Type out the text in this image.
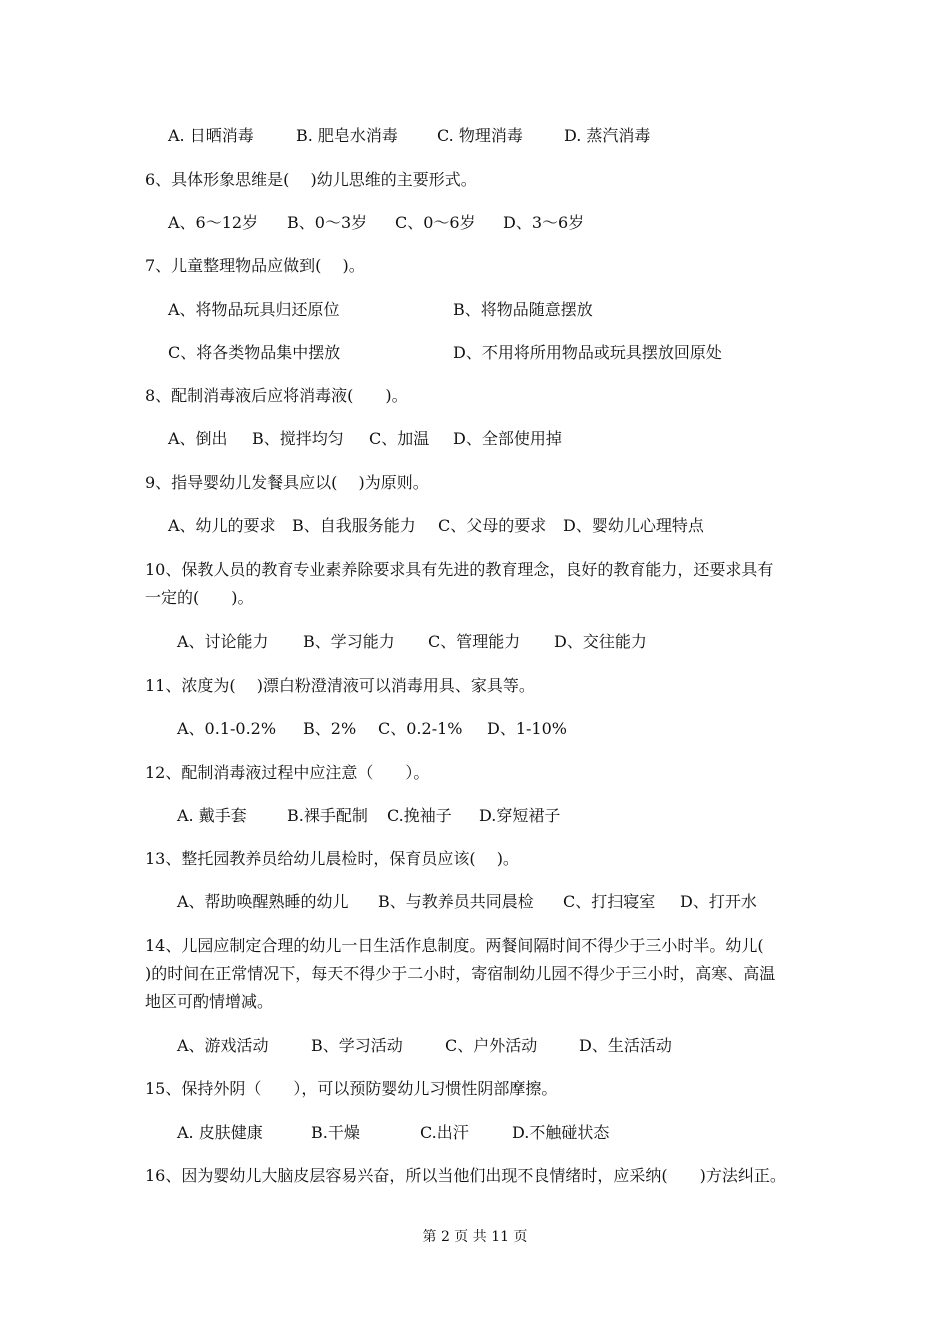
A. 日晒消毒	B. 肥皂水消毒 C. 物理消毒	D. 蒸汽消毒
6、具体形象思维是(　 )幼儿思维的主要形式。
A、6～12岁 B、0～3岁 C、0～6岁 D、3～6岁
7、儿童整理物品应做到(　 )。
A、将物品玩具归还原位	B、将物品随意摆放
C、将各类物品集中摆放	D、不用将所用物品或玩具摆放回原处
8、配制消毒液后应将消毒液(　　)。
A、倒出 B、搅拌均匀 C、加温 D、全部使用掉
9、指导婴幼儿发餐具应以(　 )为原则。
A、幼儿的要求 B、自我服务能力 C、父母的要求 D、婴幼儿心理特点
10、保教人员的教育专业素养除要求具有先进的教育理念，良好的教育能力，还要求具有
一定的(　　)。
A、讨论能力 B、学习能力 C、管理能力 D、交往能力
11、浓度为(　 )漂白粉澄清液可以消毒用具、家具等。
A、0.1-0.2% B、2% C、0.2-1% D、1-10%
12、配制消毒液过程中应注意（　　）。
A. 戴手套	B.裸手配制 C.挽袖子 D.穿短裙子
13、整托园教养员给幼儿晨检时，保育员应该(　 )。
A、帮助唤醒熟睡的幼儿 B、与教养员共同晨检 C、打扫寝室 D、打开水
14、儿园应制定合理的幼儿一日生活作息制度。两餐间隔时间不得少于三小时半。幼儿(
)的时间在正常情况下，每天不得少于二小时，寄宿制幼儿园不得少于三小时，高寒、高温
地区可酌情增减。
A、游戏活动	B、学习活动	C、户外活动	D、生活活动
15、保持外阴（　　），可以预防婴幼儿习惯性阴部摩擦。
A. 皮肤健康	B.干燥	C.出汗	D.不触碰状态
16、因为婴幼儿大脑皮层容易兴奋，所以当他们出现不良情绪时，应采纳(　　)方法纠正。
第 2 页 共 11 页
